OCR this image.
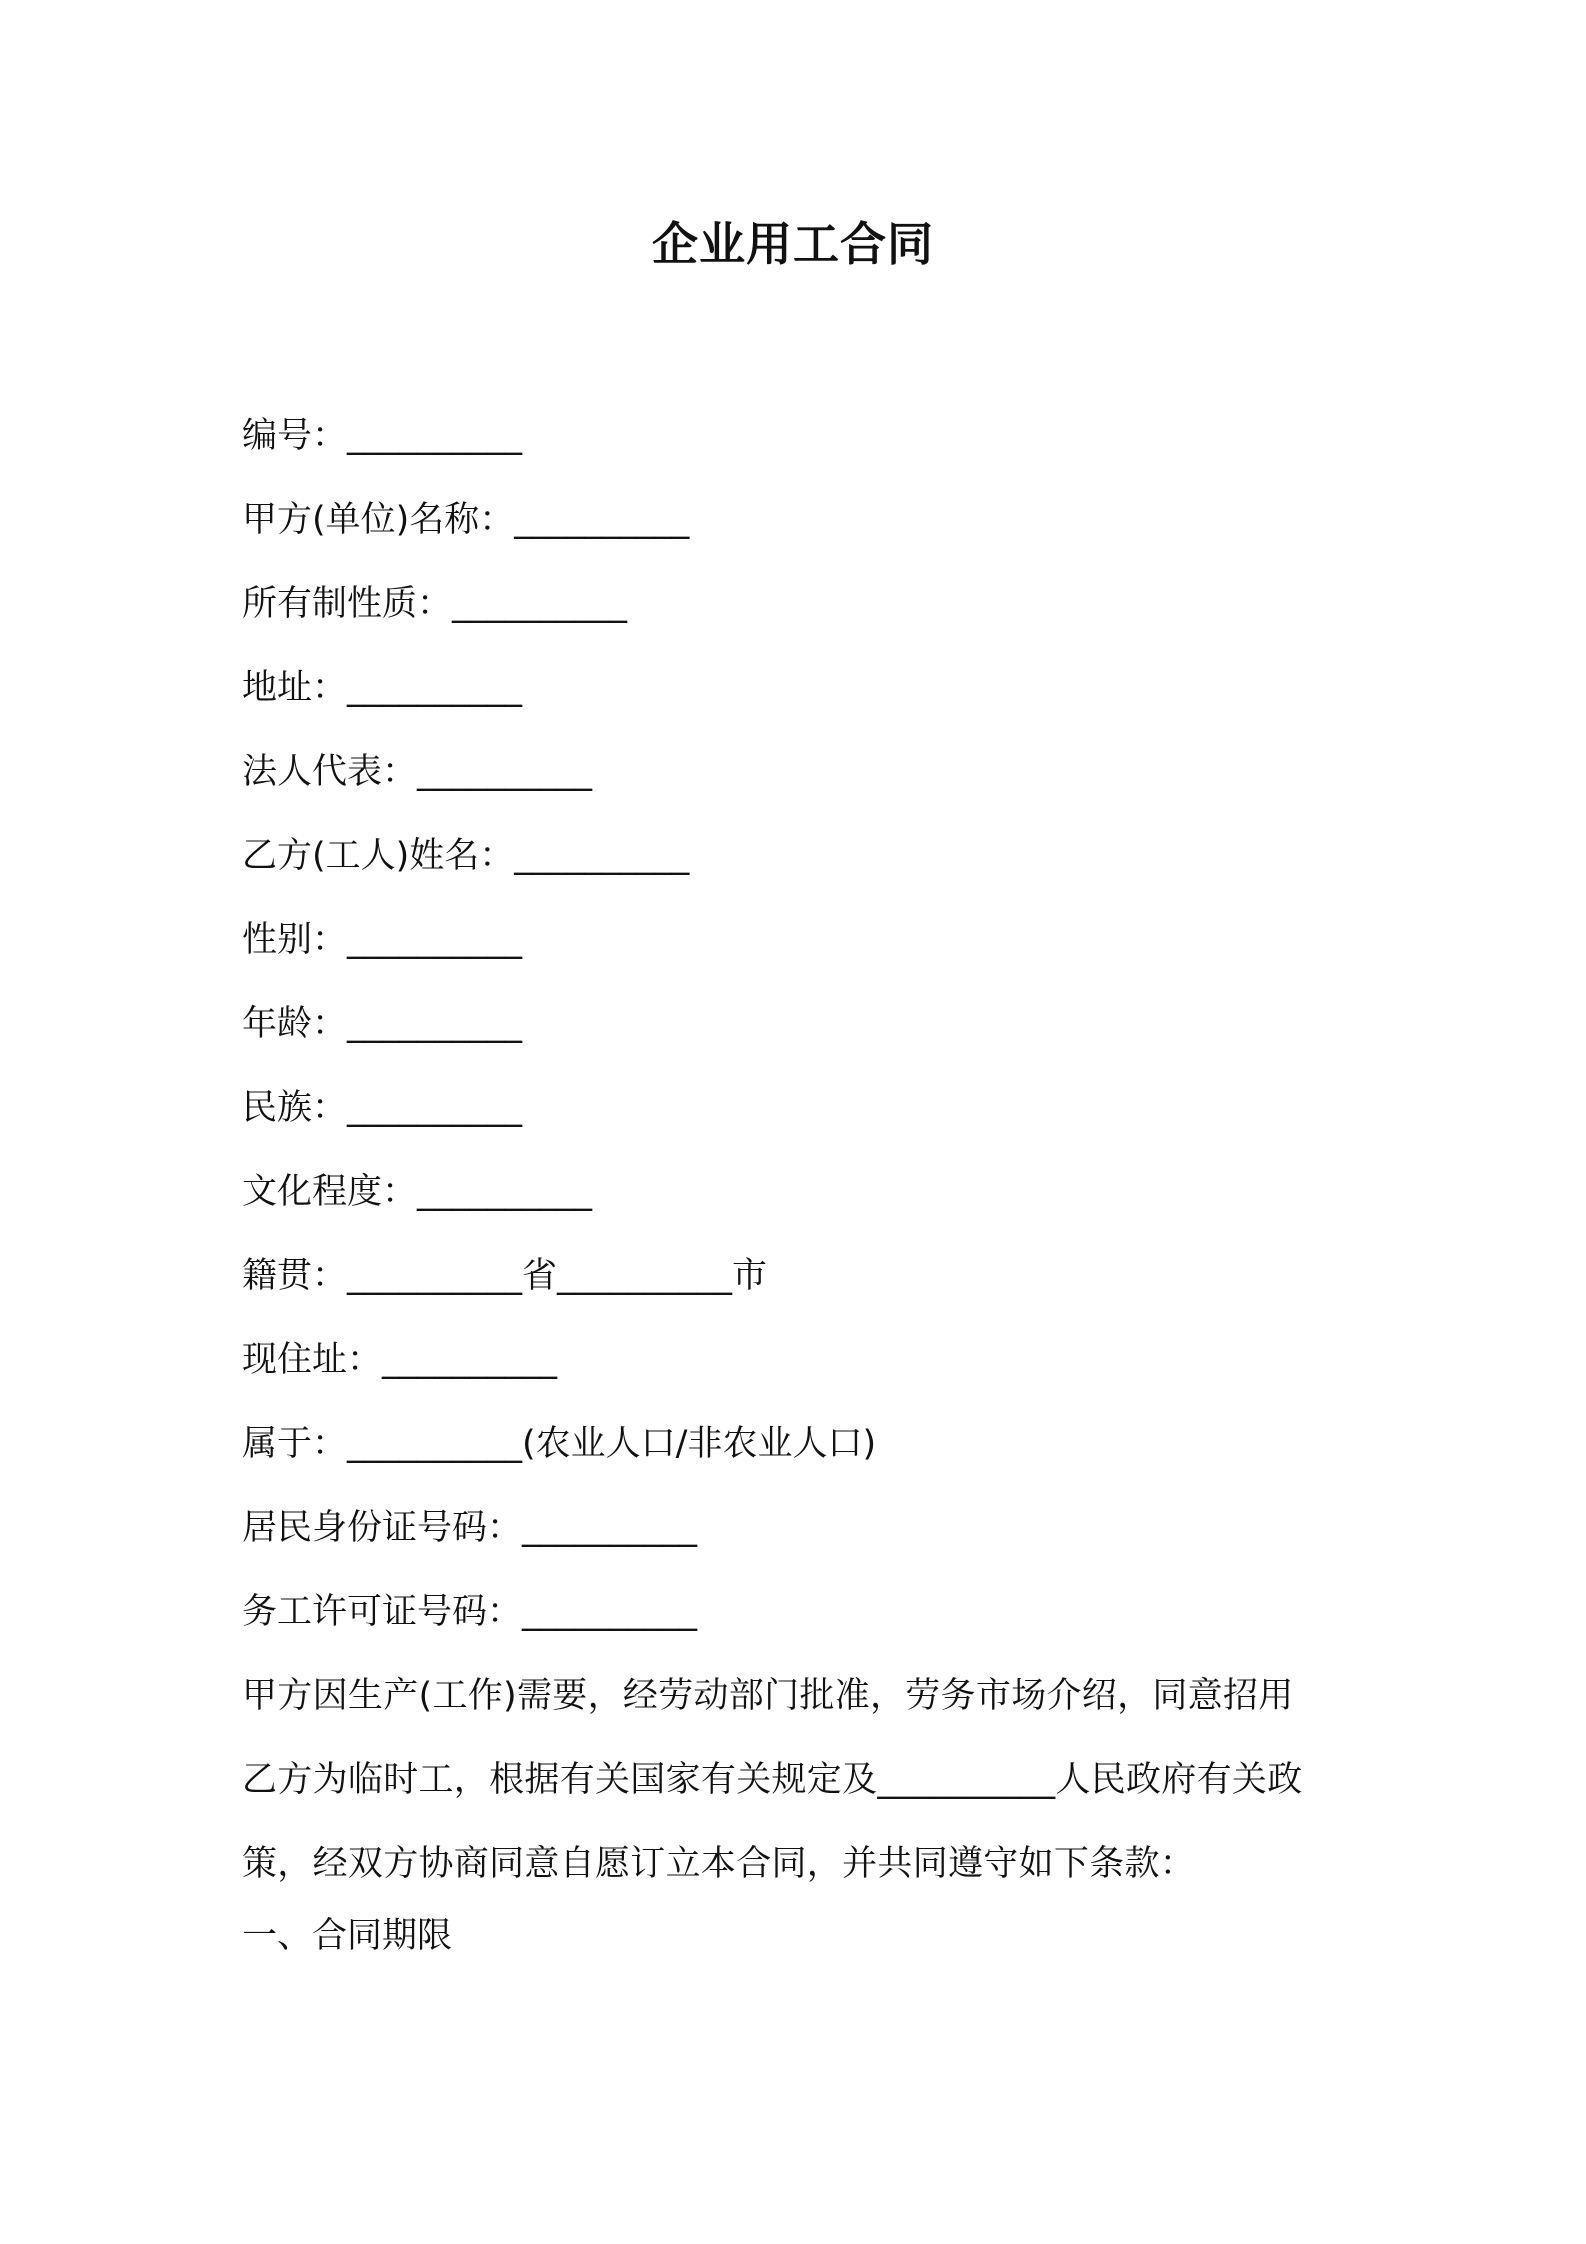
企业用工合同
编号：__________
甲方(单位)名称：__________
所有制性质：__________
地址：__________
法人代表：__________
乙方(工人)姓名：__________
性别：__________
年龄：__________
民族：__________
文化程度：__________
籍贯：__________省__________市
现住址：__________
属于：__________(农业人口/非农业人口)
居民身份证号码：__________
务工许可证号码：__________
甲方因生产(工作)需要，经劳动部门批准，劳务市场介绍，同意招用
乙方为临时工，根据有关国家有关规定及__________人民政府有关政
策，经双方协商同意自愿订立本合同，并共同遵守如下条款：
一、合同期限
